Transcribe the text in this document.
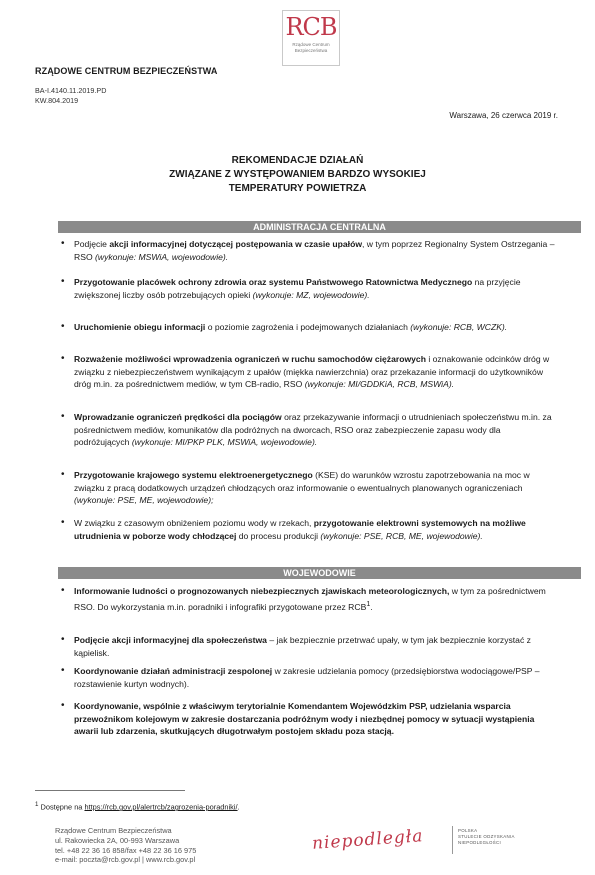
RCB
Rządowe Centrum Bezpieczeństwa
RZĄDOWE CENTRUM BEZPIECZEŃSTWA
BA-I.4140.11.2019.PD
KW.804.2019
Warszawa, 26 czerwca 2019 r.
REKOMENDACJE DZIAŁAŃ
ZWIĄZANE Z WYSTĘPOWANIEM BARDZO WYSOKIEJ
TEMPERATURY POWIETRZA
ADMINISTRACJA CENTRALNA
• Podjęcie akcji informacyjnej dotyczącej postępowania w czasie upałów, w tym poprzez Regionalny System Ostrzegania – RSO (wykonuje: MSWiA, wojewodowie).
• Przygotowanie placówek ochrony zdrowia oraz systemu Państwowego Ratownictwa Medycznego na przyjęcie zwiększonej liczby osób potrzebujących opieki (wykonuje: MZ, wojewodowie).
• Uruchomienie obiegu informacji o poziomie zagrożenia i podejmowanych działaniach (wykonuje: RCB, WCZK).
• Rozważenie możliwości wprowadzenia ograniczeń w ruchu samochodów ciężarowych i oznakowanie odcinków dróg w związku z niebezpieczeństwem wynikającym z upałów (miękka nawierzchnia) oraz przekazanie informacji do użytkowników dróg m.in. za pośrednictwem mediów, w tym CB-radio, RSO (wykonuje: MI/GDDKiA, RCB, MSWiA).
• Wprowadzanie ograniczeń prędkości dla pociągów oraz przekazywanie informacji o utrudnieniach społeczeństwu m.in. za pośrednictwem mediów, komunikatów dla podróżnych na dworcach, RSO oraz zabezpieczenie zapasu wody dla podróżujących (wykonuje: MI/PKP PLK, MSWiA, wojewodowie).
• Przygotowanie krajowego systemu elektroenergetycznego (KSE) do warunków wzrostu zapotrzebowania na moc w związku z pracą dodatkowych urządzeń chłodzących oraz informowanie o ewentualnych planowanych ograniczeniach (wykonuje: PSE, ME, wojewodowie);
• W związku z czasowym obniżeniem poziomu wody w rzekach, przygotowanie elektrowni systemowych na możliwe utrudnienia w poborze wody chłodzącej do procesu produkcji (wykonuje: PSE, RCB, ME, wojewodowie).
WOJEWODOWIE
• Informowanie ludności o prognozowanych niebezpiecznych zjawiskach meteorologicznych, w tym za pośrednictwem RSO. Do wykorzystania m.in. poradniki i infografiki przygotowane przez RCB$^1$.
• Podjęcie akcji informacyjnej dla społeczeństwa – jak bezpiecznie przetrwać upały, w tym jak bezpiecznie korzystać z kąpielisk.
• Koordynowanie działań administracji zespolonej w zakresie udzielania pomocy (przedsiębiorstwa wodociągowe/PSP – rozstawienie kurtyn wodnych).
• Koordynowanie, wspólnie z właściwym terytorialnie Komendantem Wojewódzkim PSP, udzielania wsparcia przewoźnikom kolejowym w zakresie dostarczania podróżnym wody i niezbędnej pomocy w sytuacji wystąpienia awarii lub zdarzenia, skutkujących długotrwałym postojem składu poza stacją.
$^1$ Dostępne na https://rcb.gov.pl/alertrcb/zagrozenia-poradniki/.
Rządowe Centrum Bezpieczeństwa
ul. Rakowiecka 2A, 00-993 Warszawa
tel. +48 22 36 16 858/fax +48 22 36 16 975
e-mail: poczta@rcb.gov.pl | www.rcb.gov.pl
niepodległa	POLSKA
STULECIE ODZYSKANIA
NIEPODLEGŁOŚCI
